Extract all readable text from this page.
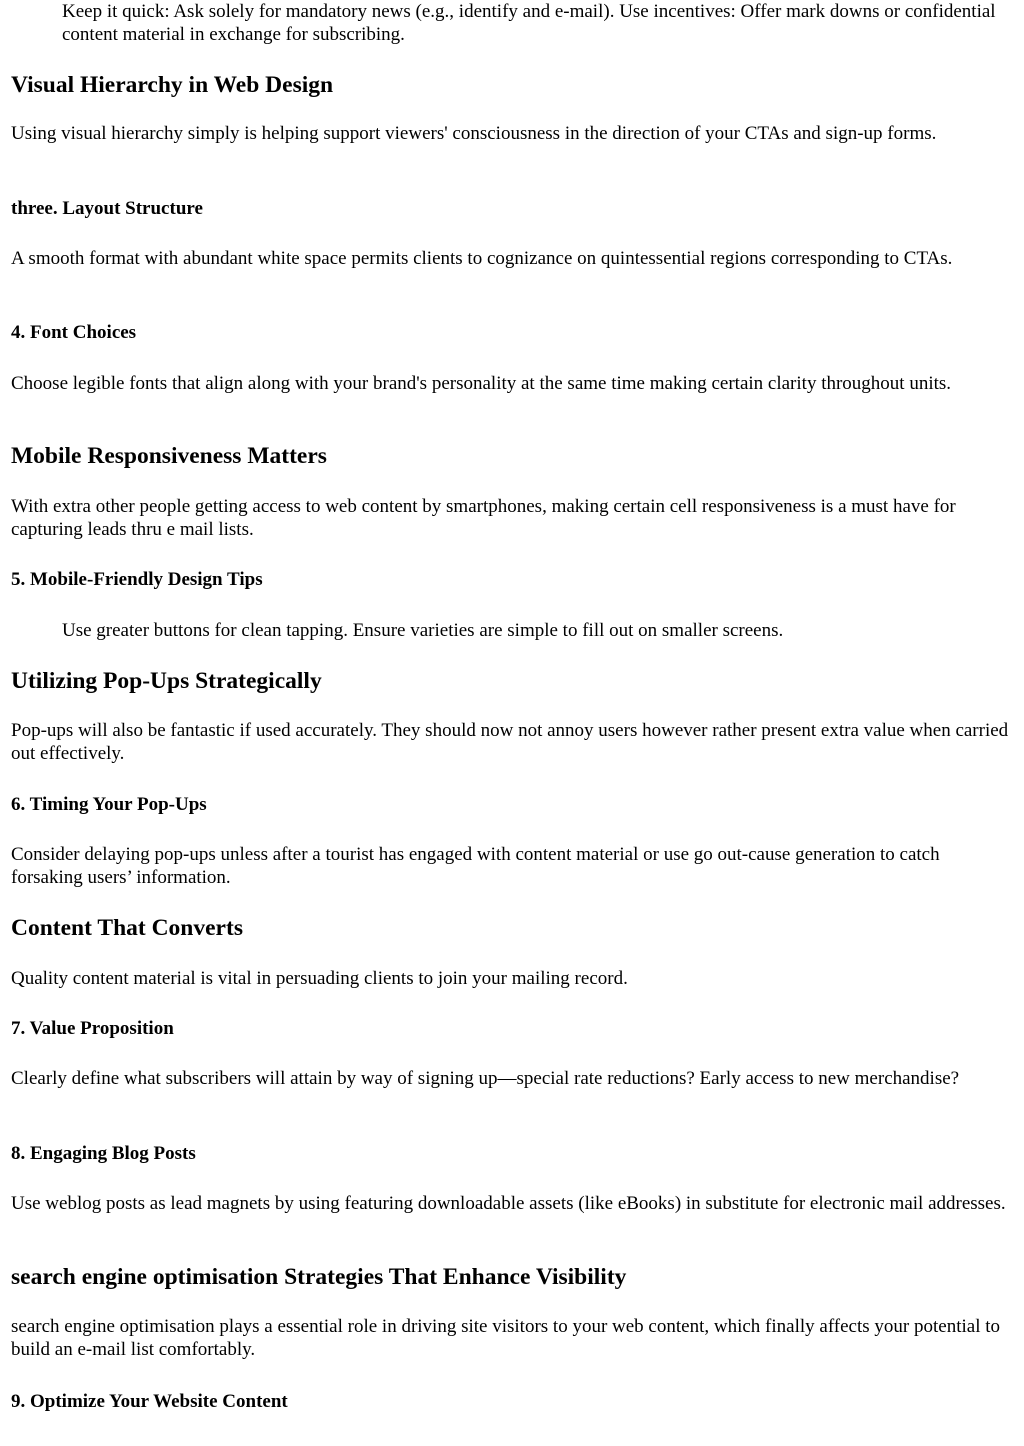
Keep it quick: Ask solely for mandatory news (e.g., identify and e-mail). Use incentives: Offer mark downs or confidential content material in exchange for subscribing.

Visual Hierarchy in Web Design

Using visual hierarchy simply is helping support viewers' consciousness in the direction of your CTAs and sign-up forms.

three. Layout Structure

A smooth format with abundant white space permits clients to cognizance on quintessential regions corresponding to CTAs.

4. Font Choices

Choose legible fonts that align along with your brand's personality at the same time making certain clarity throughout units.

Mobile Responsiveness Matters

With extra other people getting access to web content by smartphones, making certain cell responsiveness is a must have for capturing leads thru e mail lists.

5. Mobile-Friendly Design Tips

Use greater buttons for clean tapping. Ensure varieties are simple to fill out on smaller screens.

Utilizing Pop-Ups Strategically

Pop-ups will also be fantastic if used accurately. They should now not annoy users however rather present extra value when carried out effectively.

6. Timing Your Pop-Ups

Consider delaying pop-ups unless after a tourist has engaged with content material or use go out-cause generation to catch forsaking users’ information.

Content That Converts

Quality content material is vital in persuading clients to join your mailing record.

7. Value Proposition

Clearly define what subscribers will attain by way of signing up—special rate reductions? Early access to new merchandise?

8. Engaging Blog Posts

Use weblog posts as lead magnets by using featuring downloadable assets (like eBooks) in substitute for electronic mail addresses.

search engine optimisation Strategies That Enhance Visibility

search engine optimisation plays a essential role in driving site visitors to your web content, which finally affects your potential to build an e-mail list comfortably.

9. Optimize Your Website Content
